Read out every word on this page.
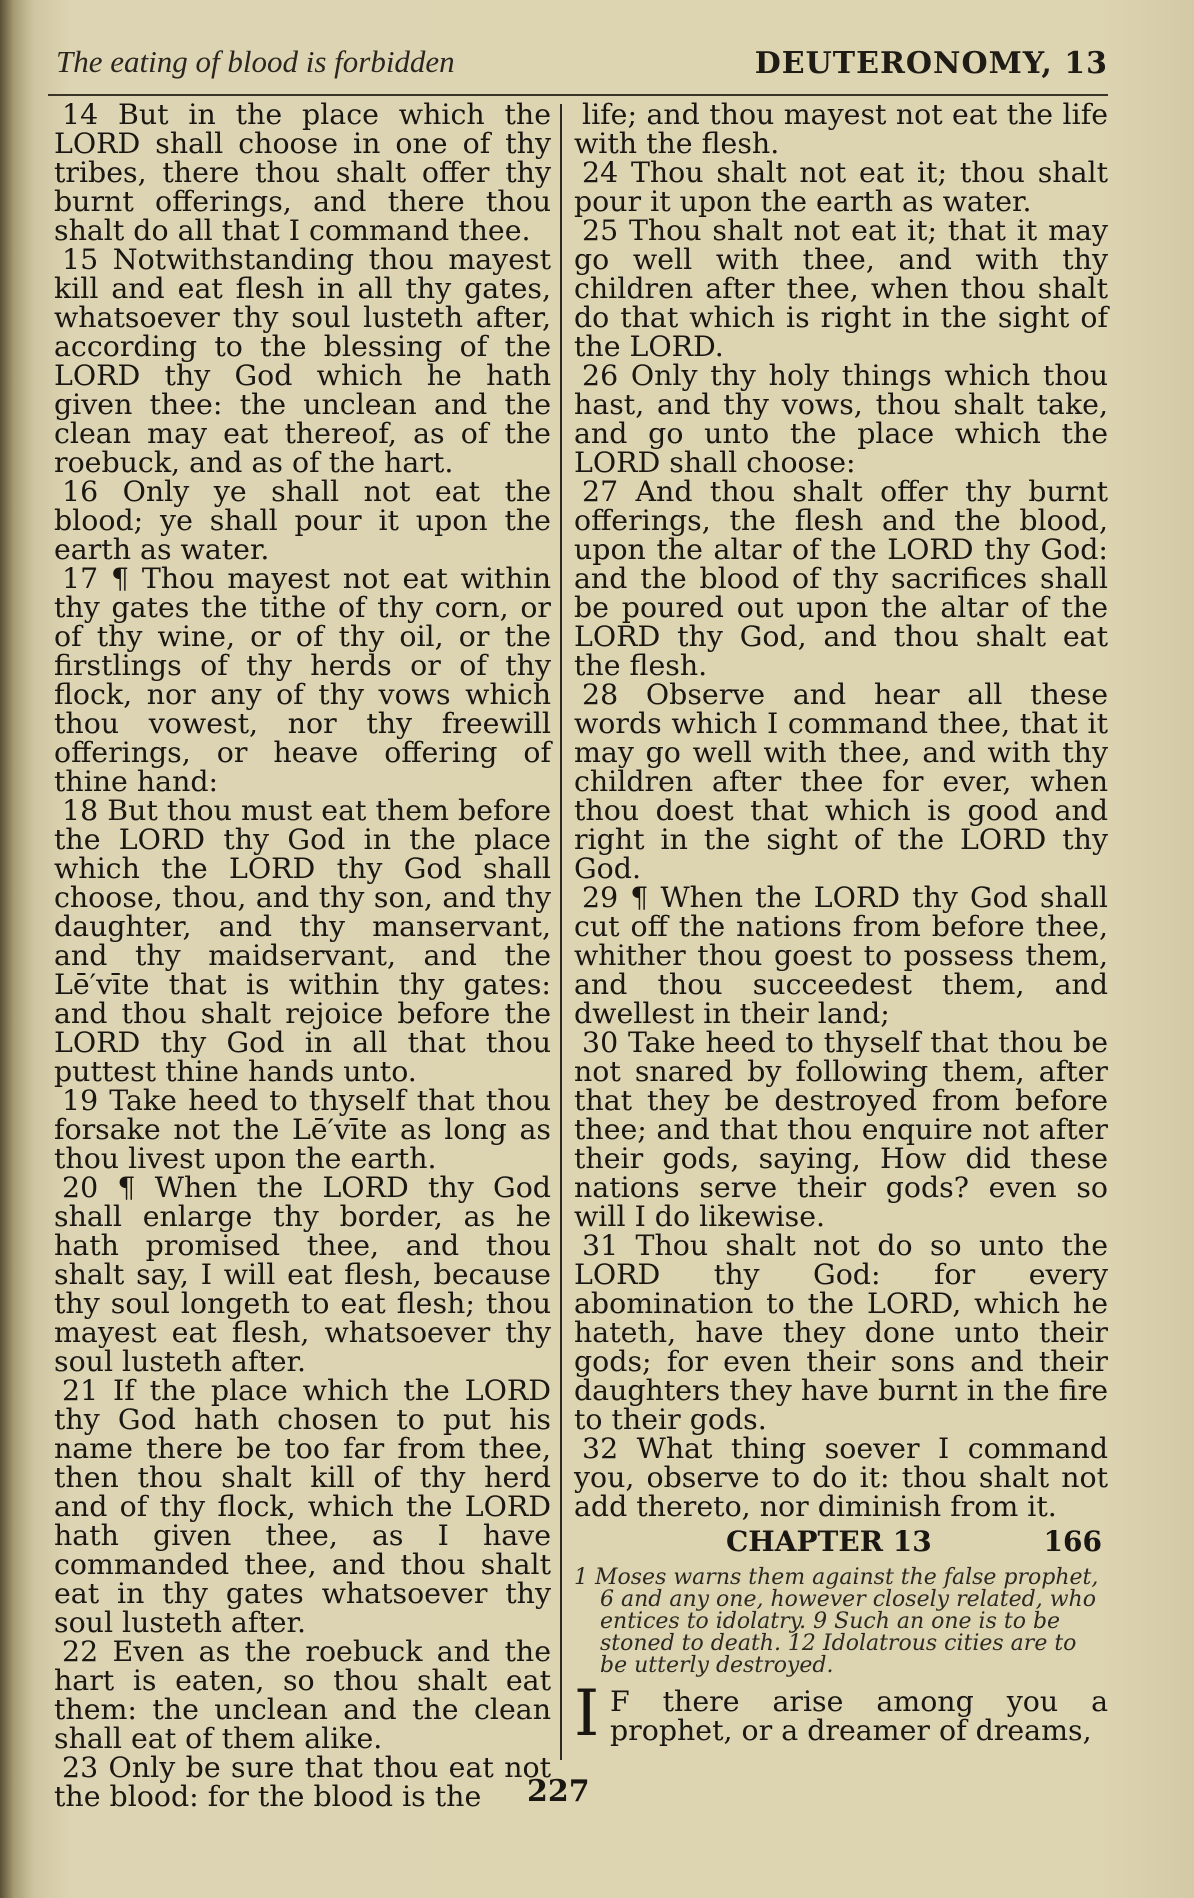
The eating of blood is forbidden	DEUTERONOMY, 13

14 But in the place which the LORD shall choose in one of thy tribes, there thou shalt offer thy burnt offerings, and there thou shalt do all that I command thee.

15 Notwithstanding thou mayest kill and eat flesh in all thy gates, whatsoever thy soul lusteth after, according to the blessing of the LORD thy God which he hath given thee: the unclean and the clean may eat thereof, as of the roebuck, and as of the hart.

16 Only ye shall not eat the blood; ye shall pour it upon the earth as water.

17 ¶ Thou mayest not eat within thy gates the tithe of thy corn, or of thy wine, or of thy oil, or the firstlings of thy herds or of thy flock, nor any of thy vows which thou vowest, nor thy freewill offerings, or heave offering of thine hand:

18 But thou must eat them before the LORD thy God in the place which the LORD thy God shall choose, thou, and thy son, and thy daughter, and thy manservant, and thy maidservant, and the Lē′vīte that is within thy gates: and thou shalt rejoice before the LORD thy God in all that thou puttest thine hands unto.

19 Take heed to thyself that thou forsake not the Lē′vīte as long as thou livest upon the earth.

20 ¶ When the LORD thy God shall enlarge thy border, as he hath promised thee, and thou shalt say, I will eat flesh, because thy soul longeth to eat flesh; thou mayest eat flesh, whatsoever thy soul lusteth after.

21 If the place which the LORD thy God hath chosen to put his name there be too far from thee, then thou shalt kill of thy herd and of thy flock, which the LORD hath given thee, as I have commanded thee, and thou shalt eat in thy gates whatsoever thy soul lusteth after.

22 Even as the roebuck and the hart is eaten, so thou shalt eat them: the unclean and the clean shall eat of them alike.

23 Only be sure that thou eat not the blood: for the blood is the

life; and thou mayest not eat the life with the flesh.

24 Thou shalt not eat it; thou shalt pour it upon the earth as water.

25 Thou shalt not eat it; that it may go well with thee, and with thy children after thee, when thou shalt do that which is right in the sight of the LORD.

26 Only thy holy things which thou hast, and thy vows, thou shalt take, and go unto the place which the LORD shall choose:

27 And thou shalt offer thy burnt offerings, the flesh and the blood, upon the altar of the LORD thy God: and the blood of thy sacrifices shall be poured out upon the altar of the LORD thy God, and thou shalt eat the flesh.

28 Observe and hear all these words which I command thee, that it may go well with thee, and with thy children after thee for ever, when thou doest that which is good and right in the sight of the LORD thy God.

29 ¶ When the LORD thy God shall cut off the nations from before thee, whither thou goest to possess them, and thou succeedest them, and dwellest in their land;

30 Take heed to thyself that thou be not snared by following them, after that they be destroyed from before thee; and that thou enquire not after their gods, saying, How did these nations serve their gods? even so will I do likewise.

31 Thou shalt not do so unto the LORD thy God: for every abomination to the LORD, which he hateth, have they done unto their gods; for even their sons and their daughters they have burnt in the fire to their gods.

32 What thing soever I command you, observe to do it: thou shalt not add thereto, nor diminish from it.

CHAPTER 13	166

1 Moses warns them against the false prophet, 6 and any one, however closely related, who entices to idolatry. 9 Such an one is to be stoned to death. 12 Idolatrous cities are to be utterly destroyed.

I F there arise among you a prophet, or a dreamer of dreams,
227
